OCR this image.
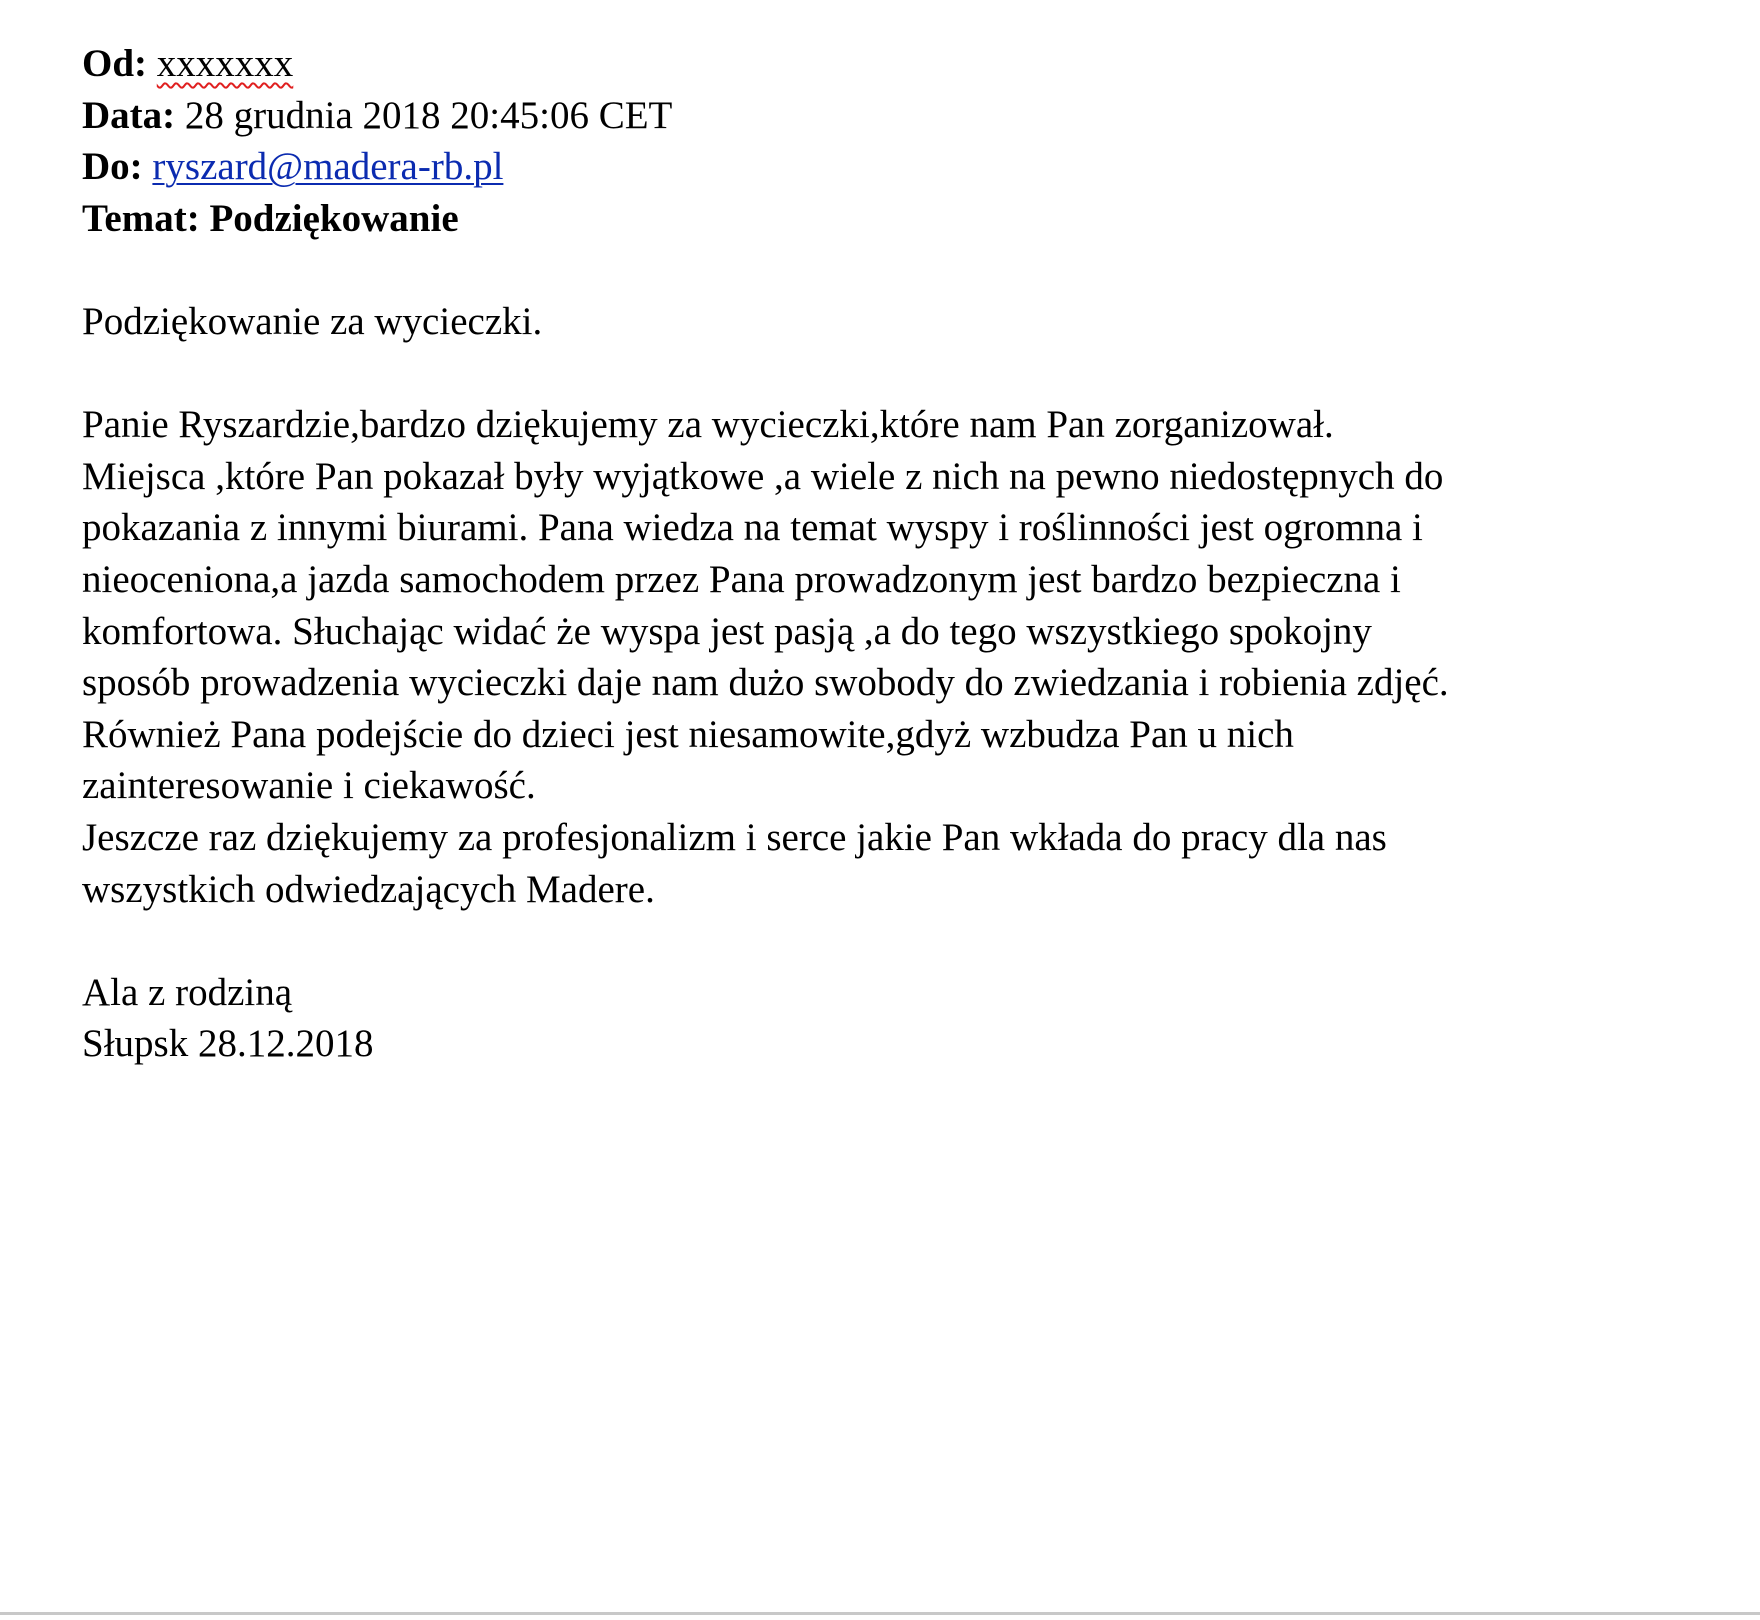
Od: xxxxxxx
Data: 28 grudnia 2018 20:45:06 CET
Do: ryszard@madera-rb.pl
Temat: Podziękowanie
Podziękowanie za wycieczki.
Panie Ryszardzie,bardzo dziękujemy za wycieczki,które nam Pan zorganizował.
Miejsca ,które Pan pokazał były wyjątkowe ,a wiele z nich na pewno niedostępnych do
pokazania z innymi biurami. Pana wiedza na temat wyspy i roślinności jest ogromna i
nieoceniona,a jazda samochodem przez Pana prowadzonym jest bardzo bezpieczna i
komfortowa. Słuchając widać że wyspa jest pasją ,a do tego wszystkiego spokojny
sposób prowadzenia wycieczki daje nam dużo swobody do zwiedzania i robienia zdjęć.
Również Pana podejście do dzieci jest niesamowite,gdyż wzbudza Pan u nich
zainteresowanie i ciekawość.
Jeszcze raz dziękujemy za profesjonalizm i serce jakie Pan wkłada do pracy dla nas
wszystkich odwiedzających Madere.
Ala z rodziną
Słupsk 28.12.2018
